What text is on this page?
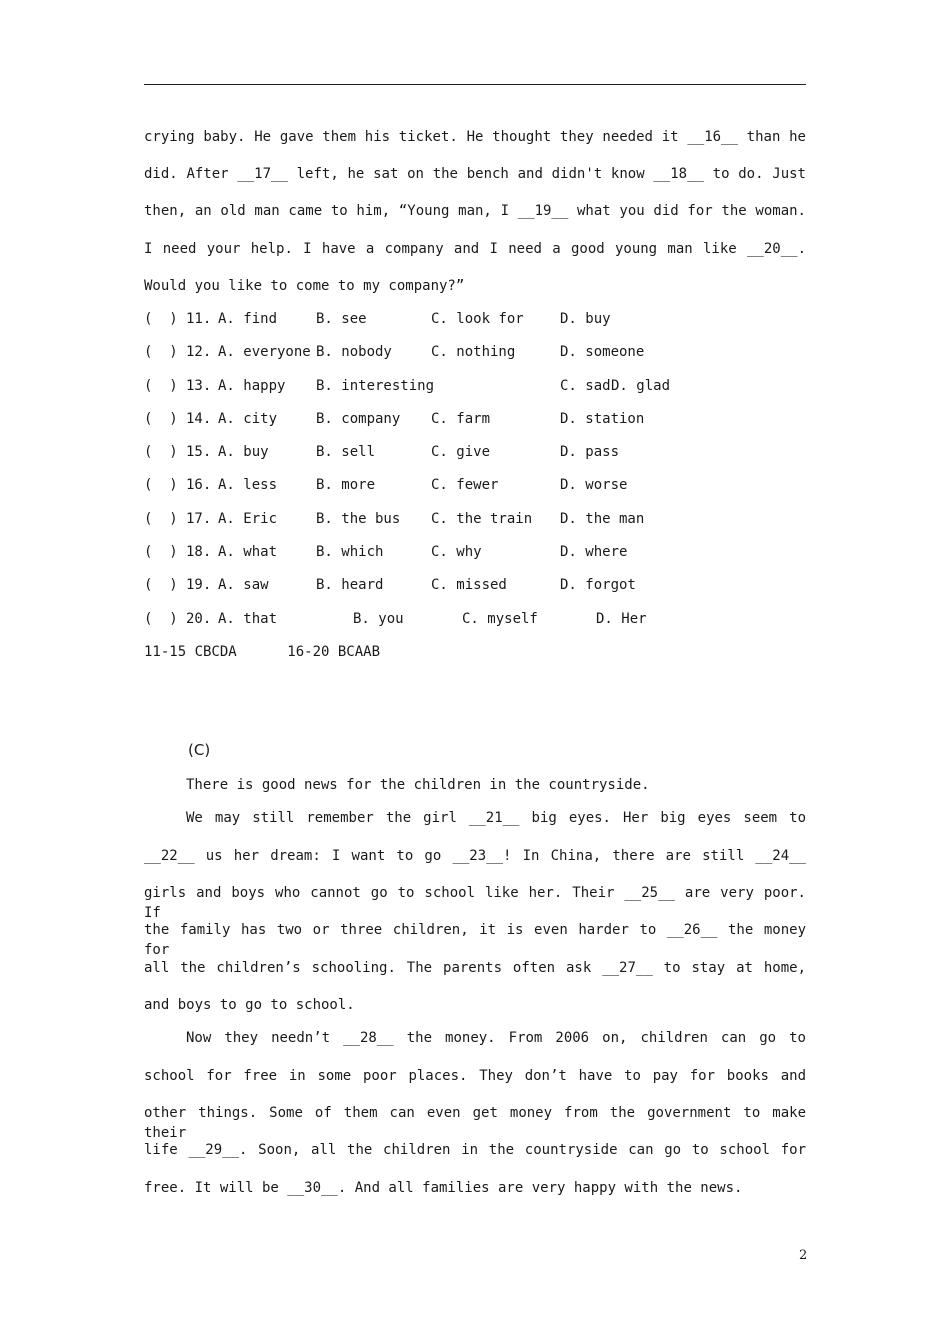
crying baby. He gave them his ticket. He thought they needed it __16__ than he
did. After __17__ left, he sat on the bench and didn't know __18__ to do. Just
then, an old man came to him, “Young man, I __19__ what you did for the woman.
I need your help. I have a company and I need a good young man like __20__.
Would you like to come to my company?”
(  ) 11. A. find	B. see	C. look for	D. buy
(  ) 12. A. everyone B. nobody	C. nothing	D. someone
(  ) 13. A. happy B. interesting	C. sad D. glad
(  ) 14. A. city	B. company C. farm	D. station
(  ) 15. A. buy	B. sell	C. give	D. pass
(  ) 16. A. less	B. more	C. fewer	D. worse
(  ) 17. A. Eric	B. the bus C. the train D. the man
(  ) 18. A. what	B. which	C. why	D. where
(  ) 19. A. saw	B. heard	C. missed	D. forgot
(  ) 20. A. that	B. you	C. myself	D. Her
11-15 CBCDA      16-20 BCAAB
(C)
There is good news for the children in the countryside.
We may still remember the girl __21__ big eyes. Her big eyes seem to
__22__ us her dream: I want to go __23__! In China, there are still __24__
girls and boys who cannot go to school like her. Their __25__ are very poor. If
the family has two or three children, it is even harder to __26__ the money for
all the children’s schooling. The parents often ask __27__ to stay at home,
and boys to go to school.
Now they needn’t __28__ the money. From 2006 on, children can go to
school for free in some poor places. They don’t have to pay for books and
other things. Some of them can even get money from the government to make their
life __29__. Soon, all the children in the countryside can go to school for
free. It will be __30__. And all families are very happy with the news.
2
